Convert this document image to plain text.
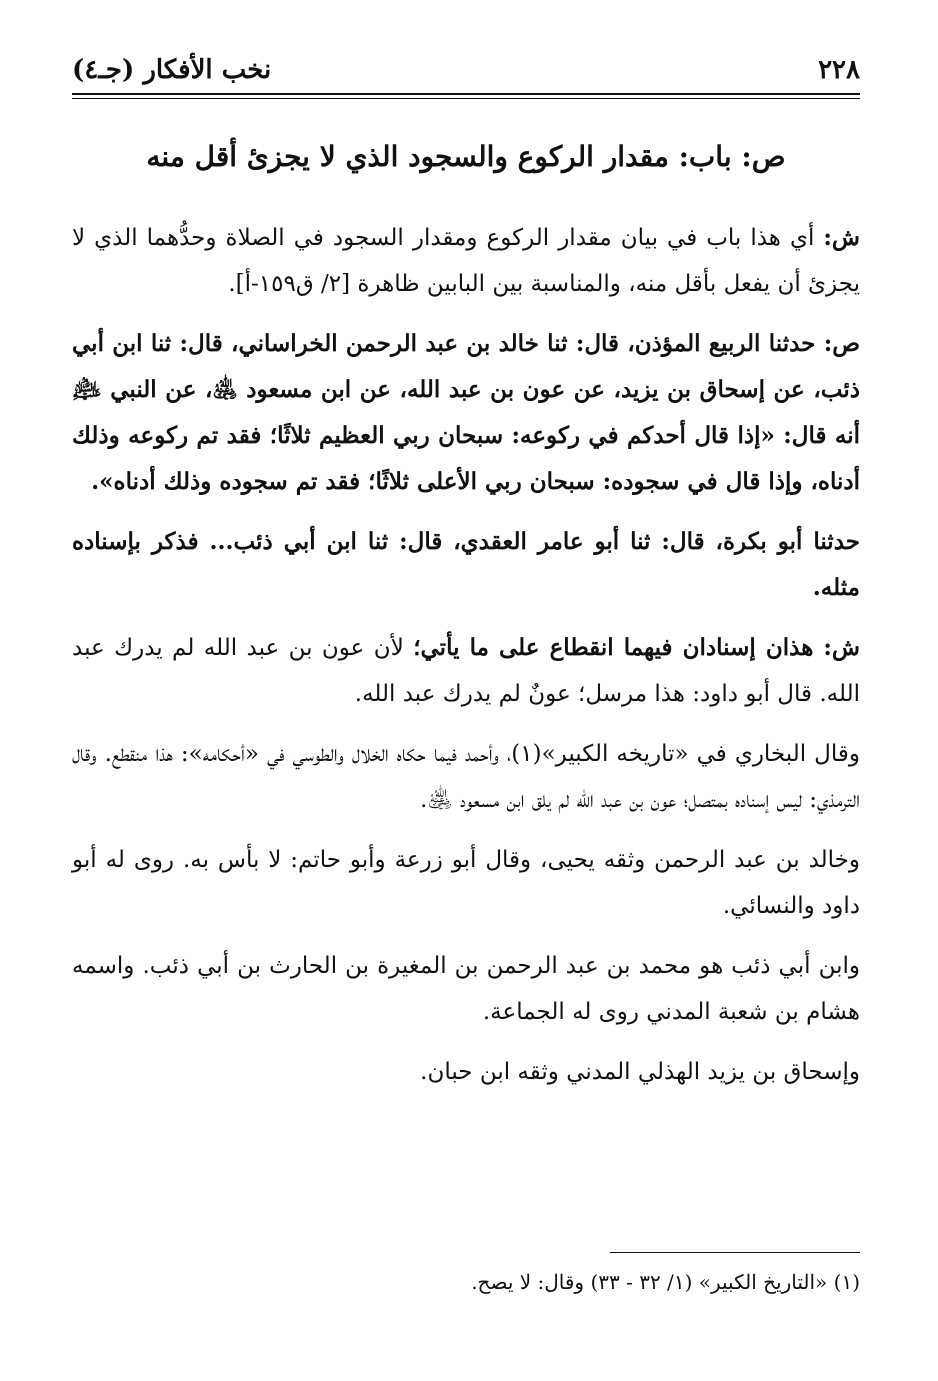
٢٢٨
نخب الأفكار (جـ٤)
ص: باب: مقدار الركوع والسجود الذي لا يجزئ أقل منه

ش: أي هذا باب في بيان مقدار الركوع ومقدار السجود في الصلاة وحدُّهما الذي لا يجزئ أن يفعل بأقل منه، والمناسبة بين البابين ظاهرة [٢/ ق١٥٩-أ].

ص: حدثنا الربيع المؤذن، قال: ثنا خالد بن عبد الرحمن الخراساني، قال: ثنا ابن أبي ذئب، عن إسحاق بن يزيد، عن عون بن عبد الله، عن ابن مسعود ﵁، عن النبي ﵇ أنه قال: «إذا قال أحدكم في ركوعه: سبحان ربي العظيم ثلاثًا؛ فقد تم ركوعه وذلك أدناه، وإذا قال في سجوده: سبحان ربي الأعلى ثلاثًا؛ فقد تم سجوده وذلك أدناه».

حدثنا أبو بكرة، قال: ثنا أبو عامر العقدي، قال: ثنا ابن أبي ذئب... فذكر بإسناده مثله.

ش: هذان إسنادان فيهما انقطاع على ما يأتي؛ لأن عون بن عبد الله لم يدرك عبد الله. قال أبو داود: هذا مرسل؛ عونٌ لم يدرك عبد الله.

وقال البخاري في «تاريخه الكبير»(١)، وأحمد فيما حكاه الخلال والطوسي في «أحكامه»: هذا منقطع. وقال الترمذي: ليس إسناده بمتصل؛ عون بن عبد الله لم يلق ابن مسعود ﵁.

وخالد بن عبد الرحمن وثقه يحيى، وقال أبو زرعة وأبو حاتم: لا بأس به. روى له أبو داود والنسائي.

وابن أبي ذئب هو محمد بن عبد الرحمن بن المغيرة بن الحارث بن أبي ذئب. واسمه هشام بن شعبة المدني روى له الجماعة.

وإسحاق بن يزيد الهذلي المدني وثقه ابن حبان.

(١) «التاريخ الكبير» (١/ ٣٢ - ٣٣) وقال: لا يصح.
